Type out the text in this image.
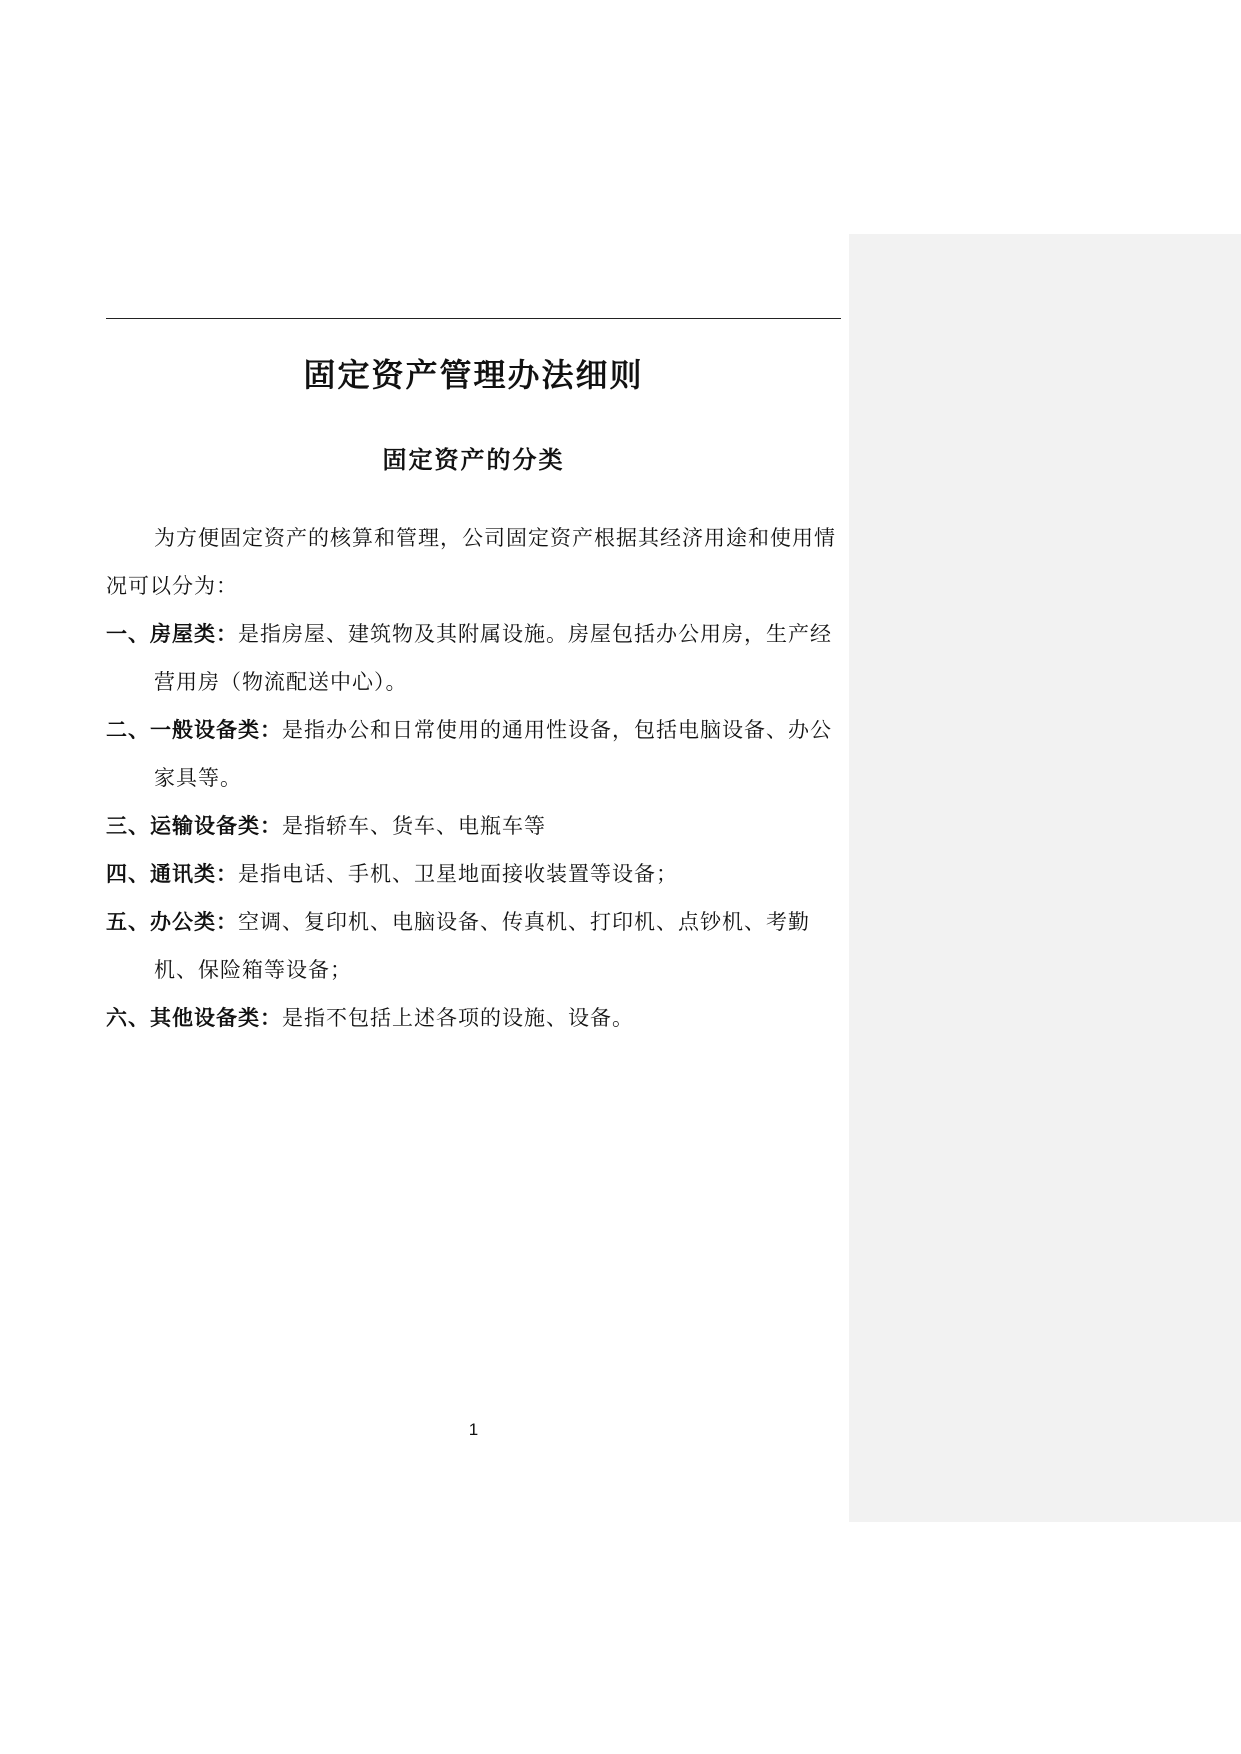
固定资产管理办法细则
固定资产的分类

为方便固定资产的核算和管理，公司固定资产根据其经济用途和使用情况可以分为：

一、房屋类：是指房屋、建筑物及其附属设施。房屋包括办公用房，生产经营用房（物流配送中心）。

二、一般设备类：是指办公和日常使用的通用性设备，包括电脑设备、办公家具等。

三、运输设备类：是指轿车、货车、电瓶车等

四、通讯类：是指电话、手机、卫星地面接收装置等设备；

五、办公类：空调、复印机、电脑设备、传真机、打印机、点钞机、考勤机、保险箱等设备；

六、其他设备类：是指不包括上述各项的设施、设备。

1
